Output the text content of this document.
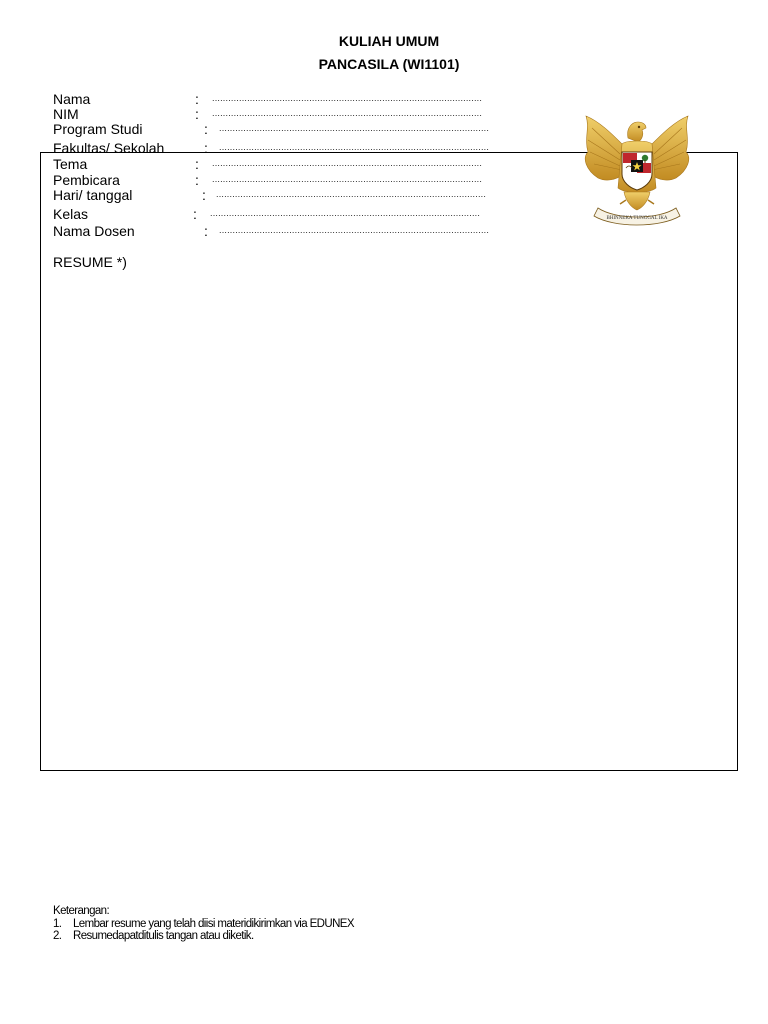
KULIAH UMUM
PANCASILA (WI1101)
Nama	: ....................................................................................................
NIM	: ....................................................................................................
Program Studi	: ....................................................................................................
Fakultas/ Sekolah	: ....................................................................................................
Tema	: ....................................................................................................
Pembicara	: ....................................................................................................
Hari/ tanggal	: ....................................................................................................
Kelas	: ....................................................................................................
Nama Dosen	: ....................................................................................................
RESUME *)
BHINNEKA TUNGGAL IKA
Keterangan:
1. Lembar resume yang telah diisi materidikirimkan via EDUNEX
2. Resumedapatditulis tangan atau diketik.
